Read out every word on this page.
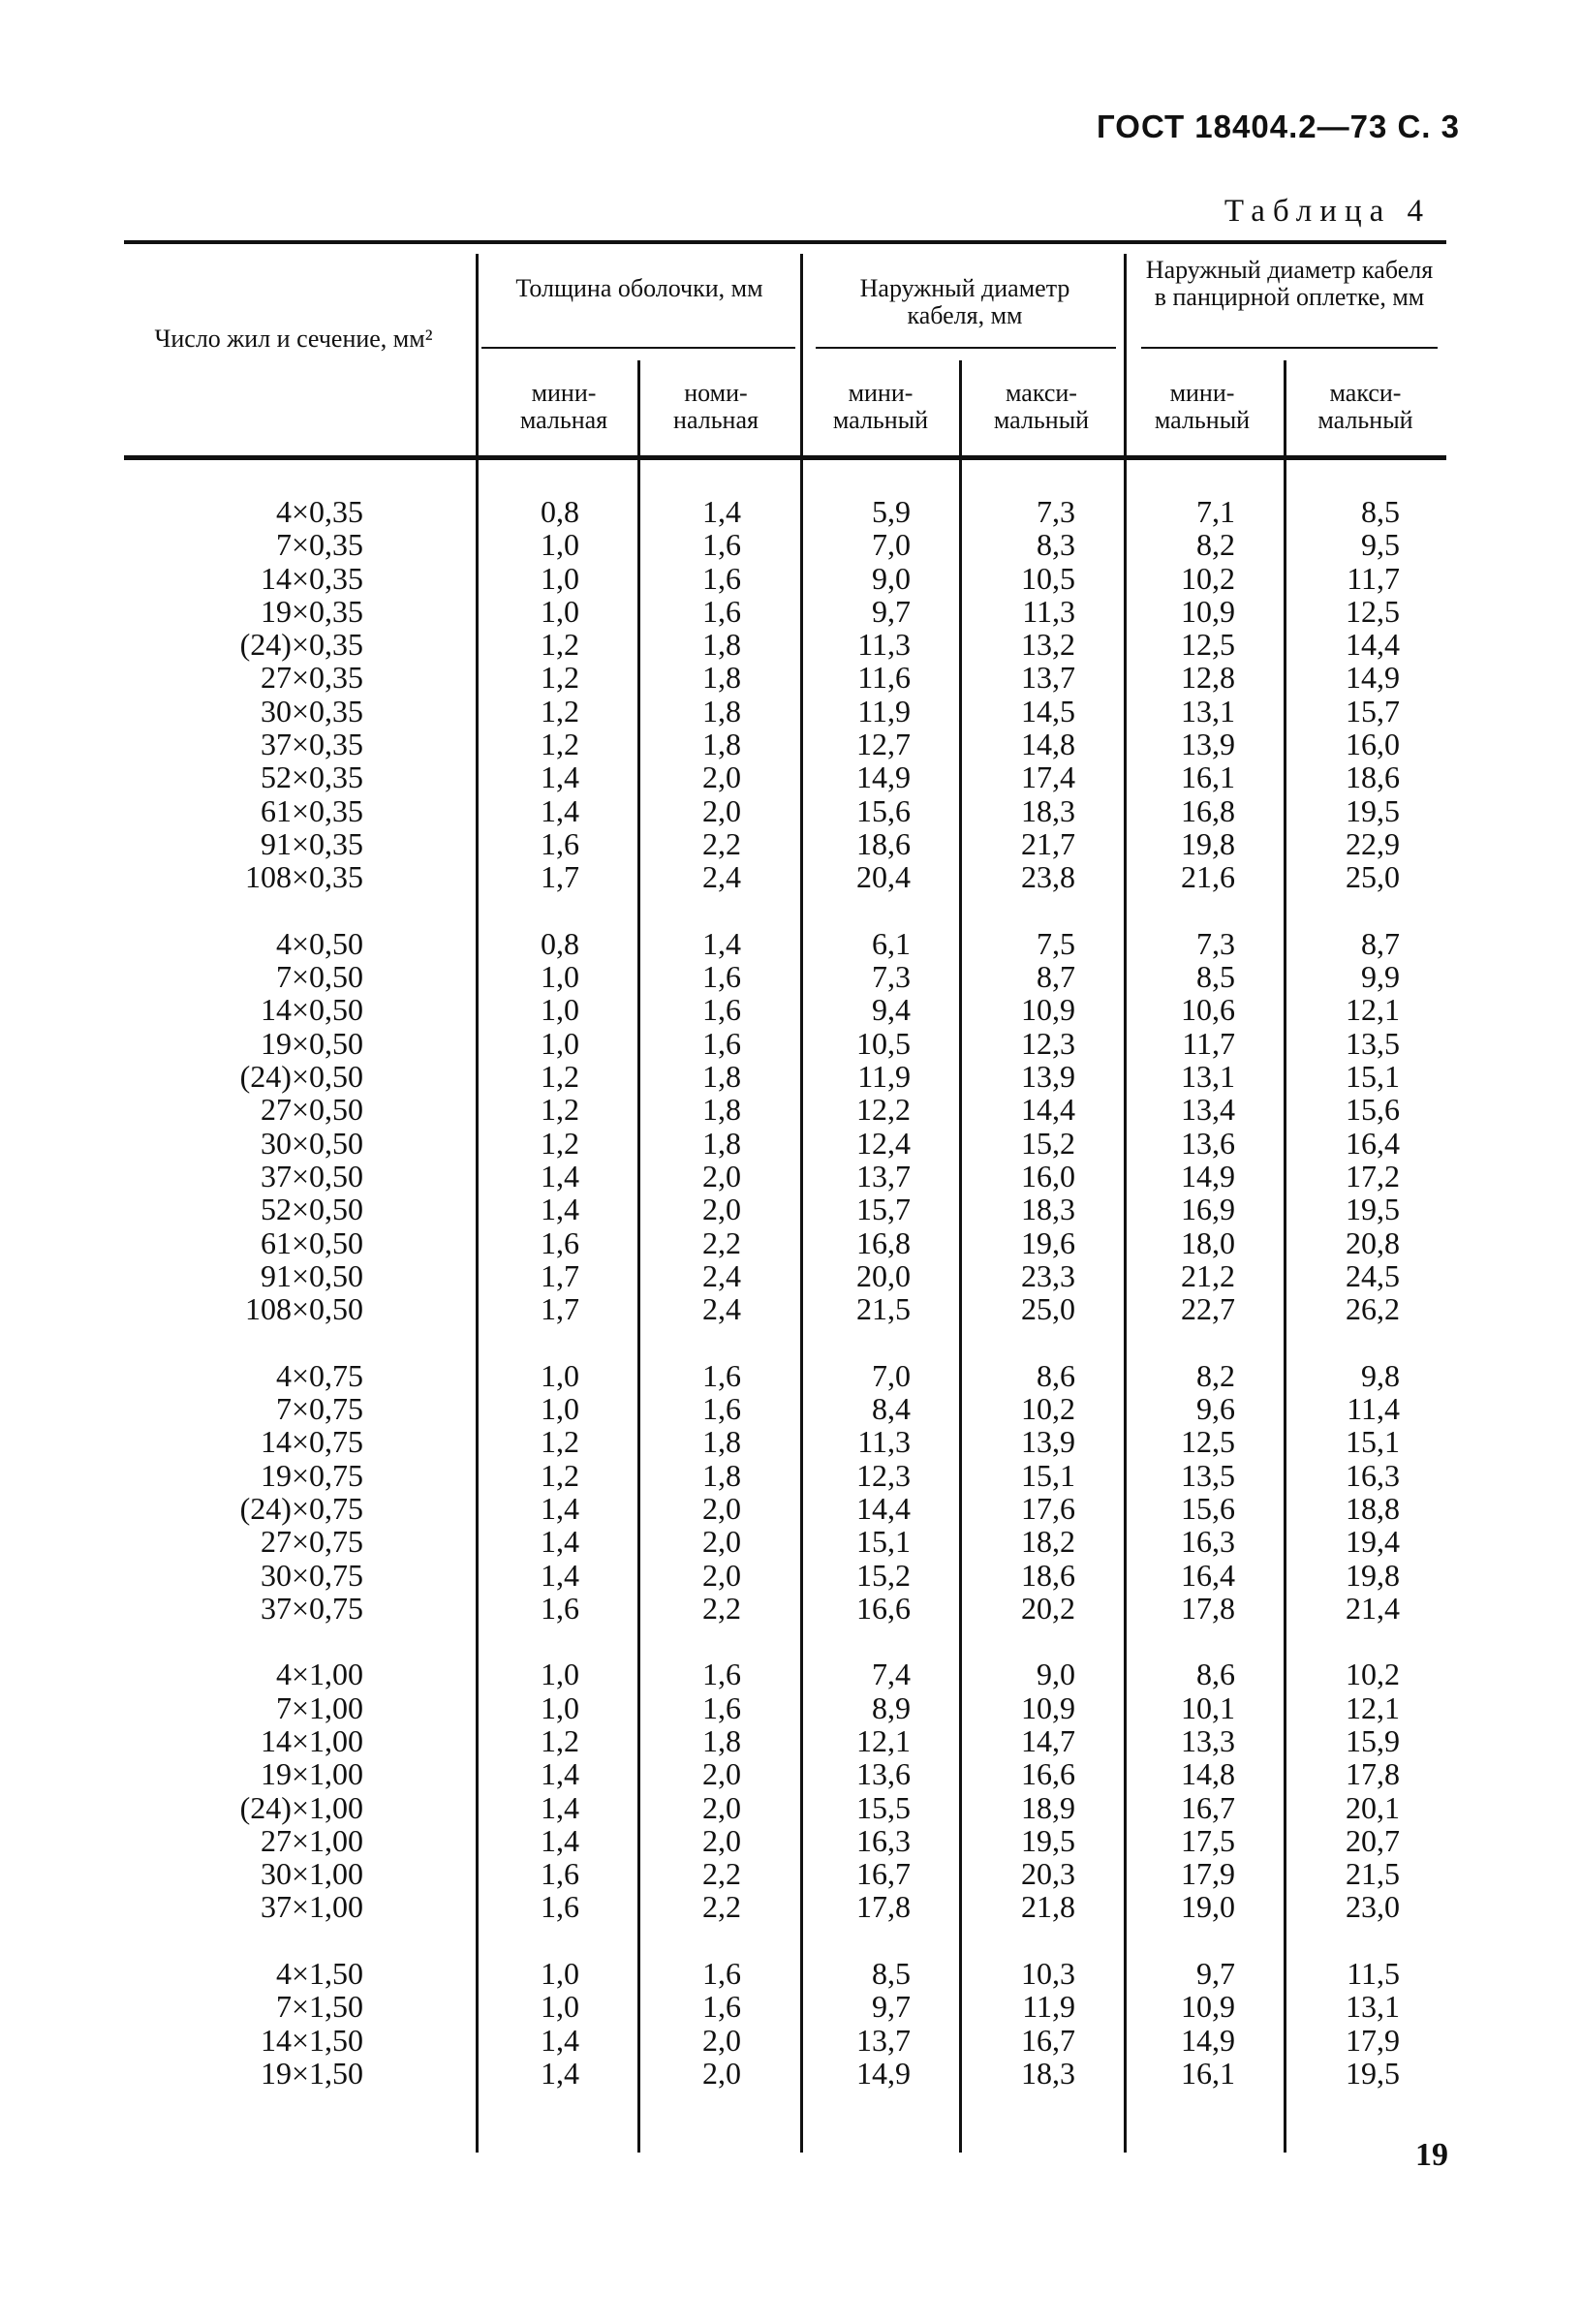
ГОСТ 18404.2—73 С. 3
Таблица 4
Число жил и сечение, мм²
Толщина оболочки, мм	Наружный диаметр кабеля, мм
Наружный диаметр кабеля в панцирной оплетке, мм
мини-мальная
номи-нальная
мини-мальный
макси-мальный
мини-мальный
макси-мальный
4×0,35
7×0,35
14×0,35
19×0,35
(24)×0,35
27×0,35
30×0,35
37×0,35
52×0,35
61×0,35
91×0,35
108×0,35
4×0,50
7×0,50
14×0,50
19×0,50
(24)×0,50
27×0,50
30×0,50
37×0,50
52×0,50
61×0,50
91×0,50
108×0,50
4×0,75
7×0,75
14×0,75
19×0,75
(24)×0,75
27×0,75
30×0,75
37×0,75
4×1,00
7×1,00
14×1,00
19×1,00
(24)×1,00
27×1,00
30×1,00
37×1,00
4×1,50
7×1,50
14×1,50
19×1,50
0,8
1,0
1,0
1,0
1,2
1,2
1,2
1,2
1,4
1,4
1,6
1,7
0,8
1,0
1,0
1,0
1,2
1,2
1,2
1,4
1,4
1,6
1,7
1,7
1,0
1,0
1,2
1,2
1,4
1,4
1,4
1,6
1,0
1,0
1,2
1,4
1,4
1,4
1,6
1,6
1,0
1,0
1,4
1,4
1,4
1,6
1,6
1,6
1,8
1,8
1,8
1,8
2,0
2,0
2,2
2,4
1,4
1,6
1,6
1,6
1,8
1,8
1,8
2,0
2,0
2,2
2,4
2,4
1,6
1,6
1,8
1,8
2,0
2,0
2,0
2,2
1,6
1,6
1,8
2,0
2,0
2,0
2,2
2,2
1,6
1,6
2,0
2,0
5,9
7,0
9,0
9,7
11,3
11,6
11,9
12,7
14,9
15,6
18,6
20,4
6,1
7,3
9,4
10,5
11,9
12,2
12,4
13,7
15,7
16,8
20,0
21,5
7,0
8,4
11,3
12,3
14,4
15,1
15,2
16,6
7,4
8,9
12,1
13,6
15,5
16,3
16,7
17,8
8,5
9,7
13,7
14,9
7,3
8,3
10,5
11,3
13,2
13,7
14,5
14,8
17,4
18,3
21,7
23,8
7,5
8,7
10,9
12,3
13,9
14,4
15,2
16,0
18,3
19,6
23,3
25,0
8,6
10,2
13,9
15,1
17,6
18,2
18,6
20,2
9,0
10,9
14,7
16,6
18,9
19,5
20,3
21,8
10,3
11,9
16,7
18,3
7,1
8,2
10,2
10,9
12,5
12,8
13,1
13,9
16,1
16,8
19,8
21,6
7,3
8,5
10,6
11,7
13,1
13,4
13,6
14,9
16,9
18,0
21,2
22,7
8,2
9,6
12,5
13,5
15,6
16,3
16,4
17,8
8,6
10,1
13,3
14,8
16,7
17,5
17,9
19,0
9,7
10,9
14,9
16,1
8,5
9,5
11,7
12,5
14,4
14,9
15,7
16,0
18,6
19,5
22,9
25,0
8,7
9,9
12,1
13,5
15,1
15,6
16,4
17,2
19,5
20,8
24,5
26,2
9,8
11,4
15,1
16,3
18,8
19,4
19,8
21,4
10,2
12,1
15,9
17,8
20,1
20,7
21,5
23,0
11,5
13,1
17,9
19,5
19
